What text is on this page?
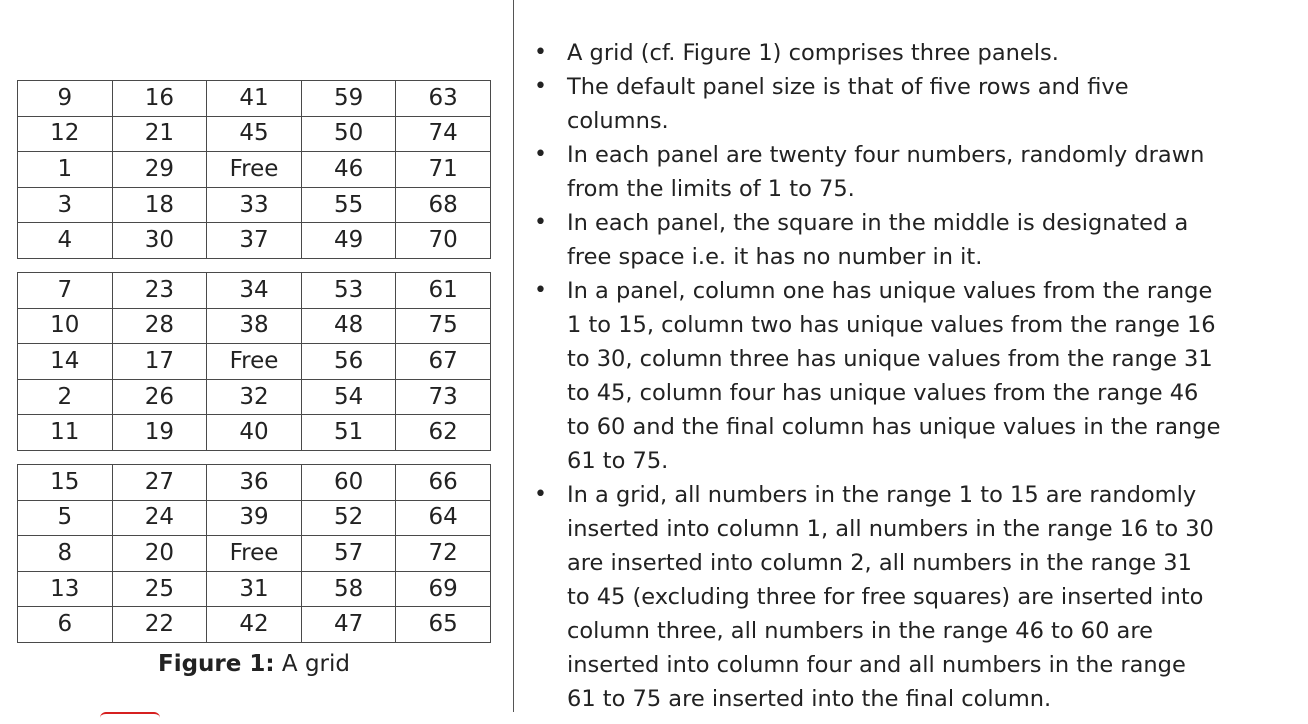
9	16	41	59	63
12	21	45	50	74
1	29	Free	46	71
3	18	33	55	68
4	30	37	49	70
7	23	34	53	61
10	28	38	48	75
14	17	Free	56	67
2	26	32	54	73
11	19	40	51	62
15	27	36	60	66
5	24	39	52	64
8	20	Free	57	72
13	25	31	58	69
6	22	42	47	65
Figure 1: A grid
• A grid (cf. Figure 1) comprises three panels.
• The default panel size is that of five rows and five
columns.
• In each panel are twenty four numbers, randomly drawn
from the limits of 1 to 75.
• In each panel, the square in the middle is designated a
free space i.e. it has no number in it.
• In a panel, column one has unique values from the range
1 to 15, column two has unique values from the range 16
to 30, column three has unique values from the range 31
to 45, column four has unique values from the range 46
to 60 and the final column has unique values in the range
61 to 75.
• In a grid, all numbers in the range 1 to 15 are randomly
inserted into column 1, all numbers in the range 16 to 30
are inserted into column 2, all numbers in the range 31
to 45 (excluding three for free squares) are inserted into
column three, all numbers in the range 46 to 60 are
inserted into column four and all numbers in the range
61 to 75 are inserted into the final column.
